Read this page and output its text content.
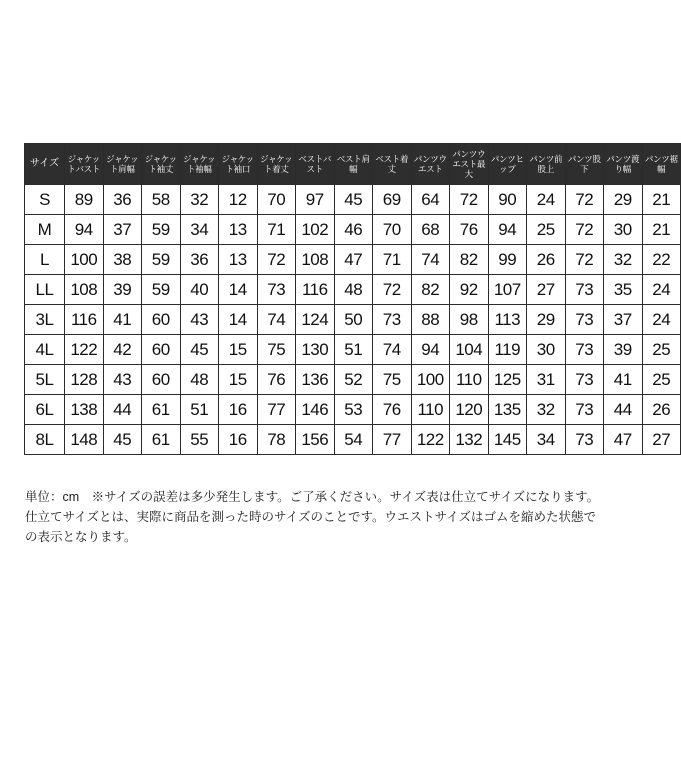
サイズ	ジャケットバスト	ジャケット肩幅	ジャケット袖丈	ジャケット袖幅	ジャケット袖口	ジャケット着丈	ベストバスト	ベスト肩幅	ベスト着丈	パンツウエスト	パンツウエスト最大	パンツヒップ	パンツ前股上	パンツ股下	パンツ渡り幅	パンツ裾幅
S	89	36	58	32	12	70	97	45	69	64	72	90	24	72	29	21
M	94	37	59	34	13	71	102	46	70	68	76	94	25	72	30	21
L	100	38	59	36	13	72	108	47	71	74	82	99	26	72	32	22
LL	108	39	59	40	14	73	116	48	72	82	92	107	27	73	35	24
3L	116	41	60	43	14	74	124	50	73	88	98	113	29	73	37	24
4L	122	42	60	45	15	75	130	51	74	94	104	119	30	73	39	25
5L	128	43	60	48	15	76	136	52	75	100	110	125	31	73	41	25
6L	138	44	61	51	16	77	146	53	76	110	120	135	32	73	44	26
8L	148	45	61	55	16	78	156	54	77	122	132	145	34	73	47	27
単位：cm　※サイズの誤差は多少発生します。ご了承ください。サイズ表は仕立てサイズになります。仕立てサイズとは、実際に商品を測った時のサイズのことです。ウエストサイズはゴムを縮めた状態での表示となります。
